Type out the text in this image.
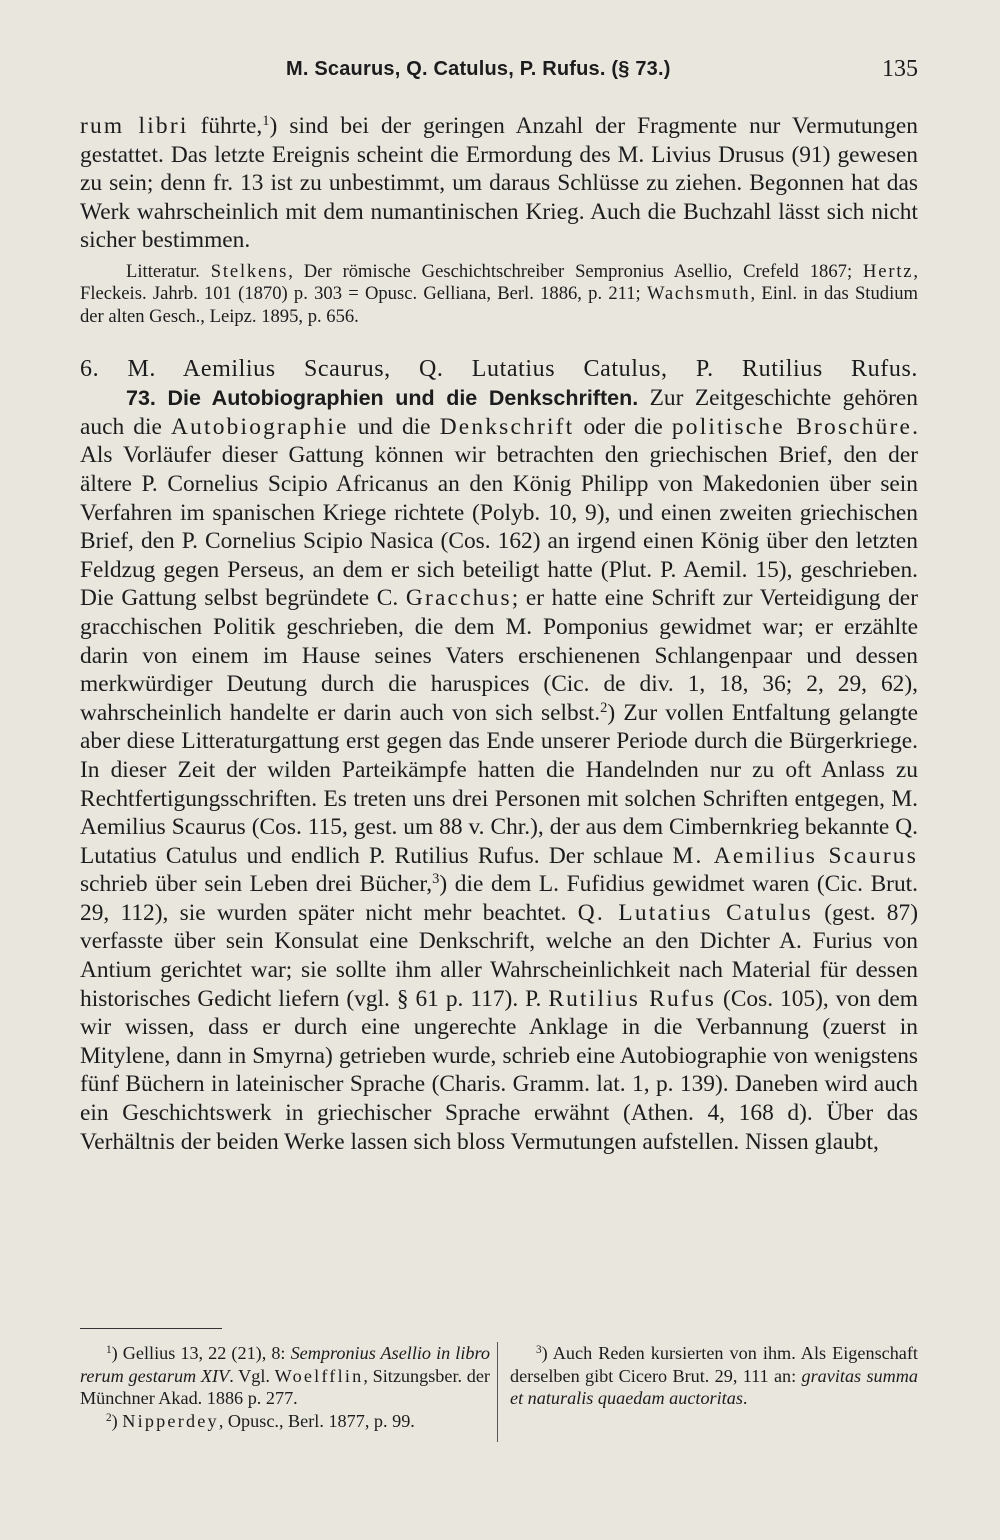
M. Scaurus, Q. Catulus, P. Rufus. (§ 73.)	135

rum libri führte,$^1$) sind bei der geringen Anzahl der Fragmente nur Vermutungen gestattet. Das letzte Ereignis scheint die Ermordung des M. Livius Drusus (91) gewesen zu sein; denn fr. 13 ist zu unbestimmt, um daraus Schlüsse zu ziehen. Begonnen hat das Werk wahrscheinlich mit dem numantinischen Krieg. Auch die Buchzahl lässt sich nicht sicher bestimmen.

Litteratur. Stelkens, Der römische Geschichtschreiber Sempronius Asellio, Crefeld 1867; Hertz, Fleckeis. Jahrb. 101 (1870) p. 303 = Opusc. Gelliana, Berl. 1886, p. 211; Wachsmuth, Einl. in das Studium der alten Gesch., Leipz. 1895, p. 656.

6. M. Aemilius Scaurus, Q. Lutatius Catulus, P. Rutilius Rufus.

73. Die Autobiographien und die Denkschriften. Zur Zeitgeschichte gehören auch die Autobiographie und die Denkschrift oder die politische Broschüre. Als Vorläufer dieser Gattung können wir betrachten den griechischen Brief, den der ältere P. Cornelius Scipio Africanus an den König Philipp von Makedonien über sein Verfahren im spanischen Kriege richtete (Polyb. 10, 9), und einen zweiten griechischen Brief, den P. Cornelius Scipio Nasica (Cos. 162) an irgend einen König über den letzten Feldzug gegen Perseus, an dem er sich beteiligt hatte (Plut. P. Aemil. 15), geschrieben. Die Gattung selbst begründete C. Gracchus; er hatte eine Schrift zur Verteidigung der gracchischen Politik geschrieben, die dem M. Pomponius gewidmet war; er erzählte darin von einem im Hause seines Vaters erschienenen Schlangenpaar und dessen merkwürdiger Deutung durch die haruspices (Cic. de div. 1, 18, 36; 2, 29, 62), wahrscheinlich handelte er darin auch von sich selbst.$^2$) Zur vollen Entfaltung gelangte aber diese Litteraturgattung erst gegen das Ende unserer Periode durch die Bürgerkriege. In dieser Zeit der wilden Parteikämpfe hatten die Handelnden nur zu oft Anlass zu Rechtfertigungsschriften. Es treten uns drei Personen mit solchen Schriften entgegen, M. Aemilius Scaurus (Cos. 115, gest. um 88 v. Chr.), der aus dem Cimbernkrieg bekannte Q. Lutatius Catulus und endlich P. Rutilius Rufus. Der schlaue M. Aemilius Scaurus schrieb über sein Leben drei Bücher,$^3$) die dem L. Fufidius gewidmet waren (Cic. Brut. 29, 112), sie wurden später nicht mehr beachtet. Q. Lutatius Catulus (gest. 87) verfasste über sein Konsulat eine Denkschrift, welche an den Dichter A. Furius von Antium gerichtet war; sie sollte ihm aller Wahrscheinlichkeit nach Material für dessen historisches Gedicht liefern (vgl. § 61 p. 117). P. Rutilius Rufus (Cos. 105), von dem wir wissen, dass er durch eine ungerechte Anklage in die Verbannung (zuerst in Mitylene, dann in Smyrna) getrieben wurde, schrieb eine Autobiographie von wenigstens fünf Büchern in lateinischer Sprache (Charis. Gramm. lat. 1, p. 139). Daneben wird auch ein Geschichtswerk in griechischer Sprache erwähnt (Athen. 4, 168 d). Über das Verhältnis der beiden Werke lassen sich bloss Vermutungen aufstellen. Nissen glaubt,

$^1$) Gellius 13, 22 (21), 8: Sempronius Asellio in libro rerum gestarum XIV. Vgl. Woelfflin, Sitzungsber. der Münchner Akad. 1886 p. 277.

$^2$) Nipperdey, Opusc., Berl. 1877, p. 99.

$^3$) Auch Reden kursierten von ihm. Als Eigenschaft derselben gibt Cicero Brut. 29, 111 an: gravitas summa et naturalis quaedam auctoritas.
